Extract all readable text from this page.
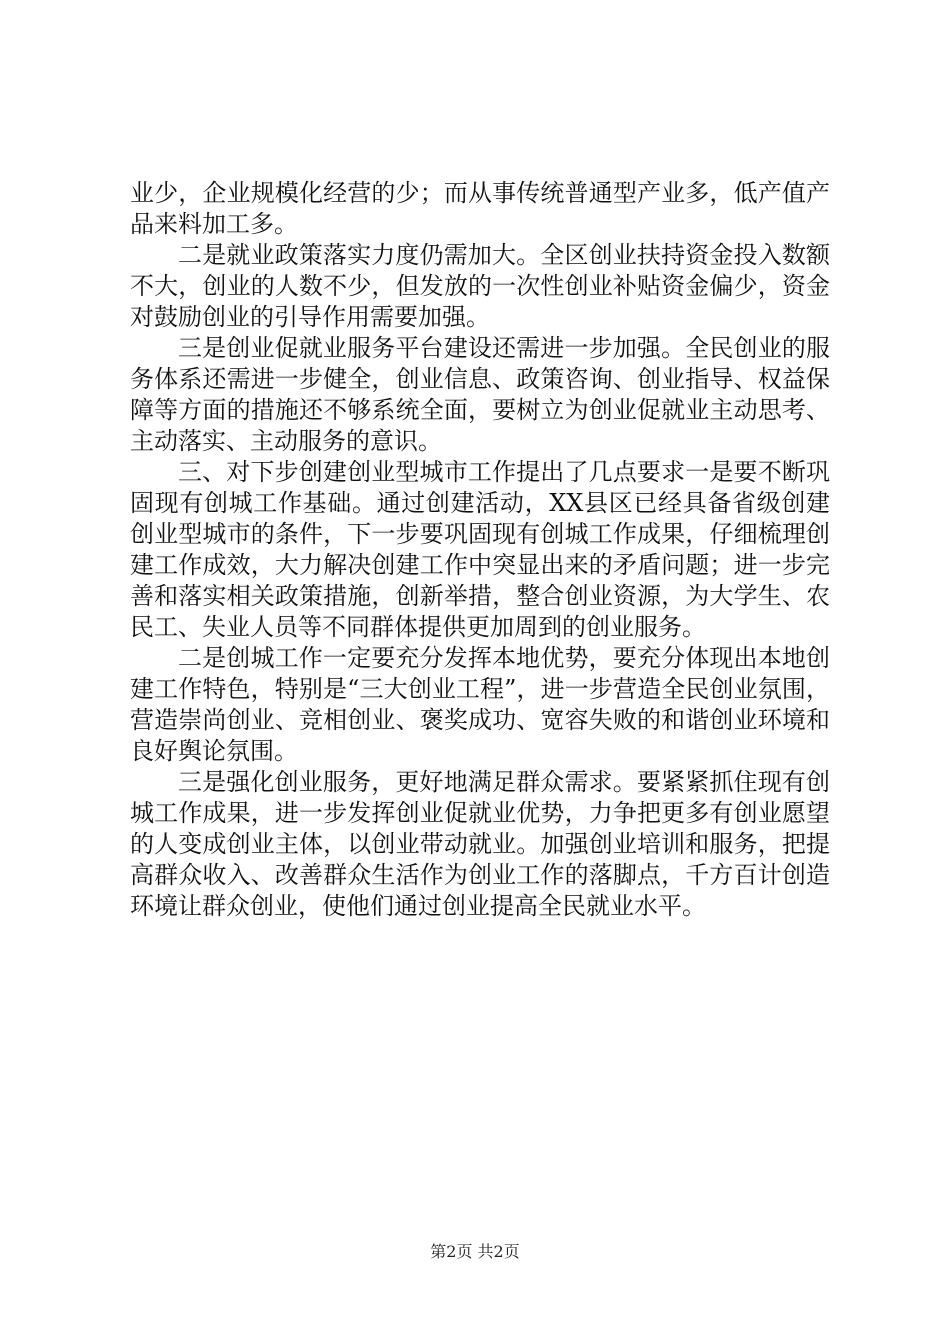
业少，企业规模化经营的少；而从事传统普通型产业多，低产值产品来料加工多。

二是就业政策落实力度仍需加大。全区创业扶持资金投入数额不大，创业的人数不少，但发放的一次性创业补贴资金偏少，资金对鼓励创业的引导作用需要加强。

三是创业促就业服务平台建设还需进一步加强。全民创业的服务体系还需进一步健全，创业信息、政策咨询、创业指导、权益保障等方面的措施还不够系统全面，要树立为创业促就业主动思考、主动落实、主动服务的意识。

三、对下步创建创业型城市工作提出了几点要求一是要不断巩固现有创城工作基础。通过创建活动，XX县区已经具备省级创建创业型城市的条件，下一步要巩固现有创城工作成果，仔细梳理创建工作成效，大力解决创建工作中突显出来的矛盾问题；进一步完善和落实相关政策措施，创新举措，整合创业资源，为大学生、农民工、失业人员等不同群体提供更加周到的创业服务。

二是创城工作一定要充分发挥本地优势，要充分体现出本地创建工作特色，特别是“三大创业工程”，进一步营造全民创业氛围，营造崇尚创业、竞相创业、褒奖成功、宽容失败的和谐创业环境和良好舆论氛围。

三是强化创业服务，更好地满足群众需求。要紧紧抓住现有创城工作成果，进一步发挥创业促就业优势，力争把更多有创业愿望的人变成创业主体，以创业带动就业。加强创业培训和服务，把提高群众收入、改善群众生活作为创业工作的落脚点，千方百计创造环境让群众创业，使他们通过创业提高全民就业水平。

第2页 共2页
